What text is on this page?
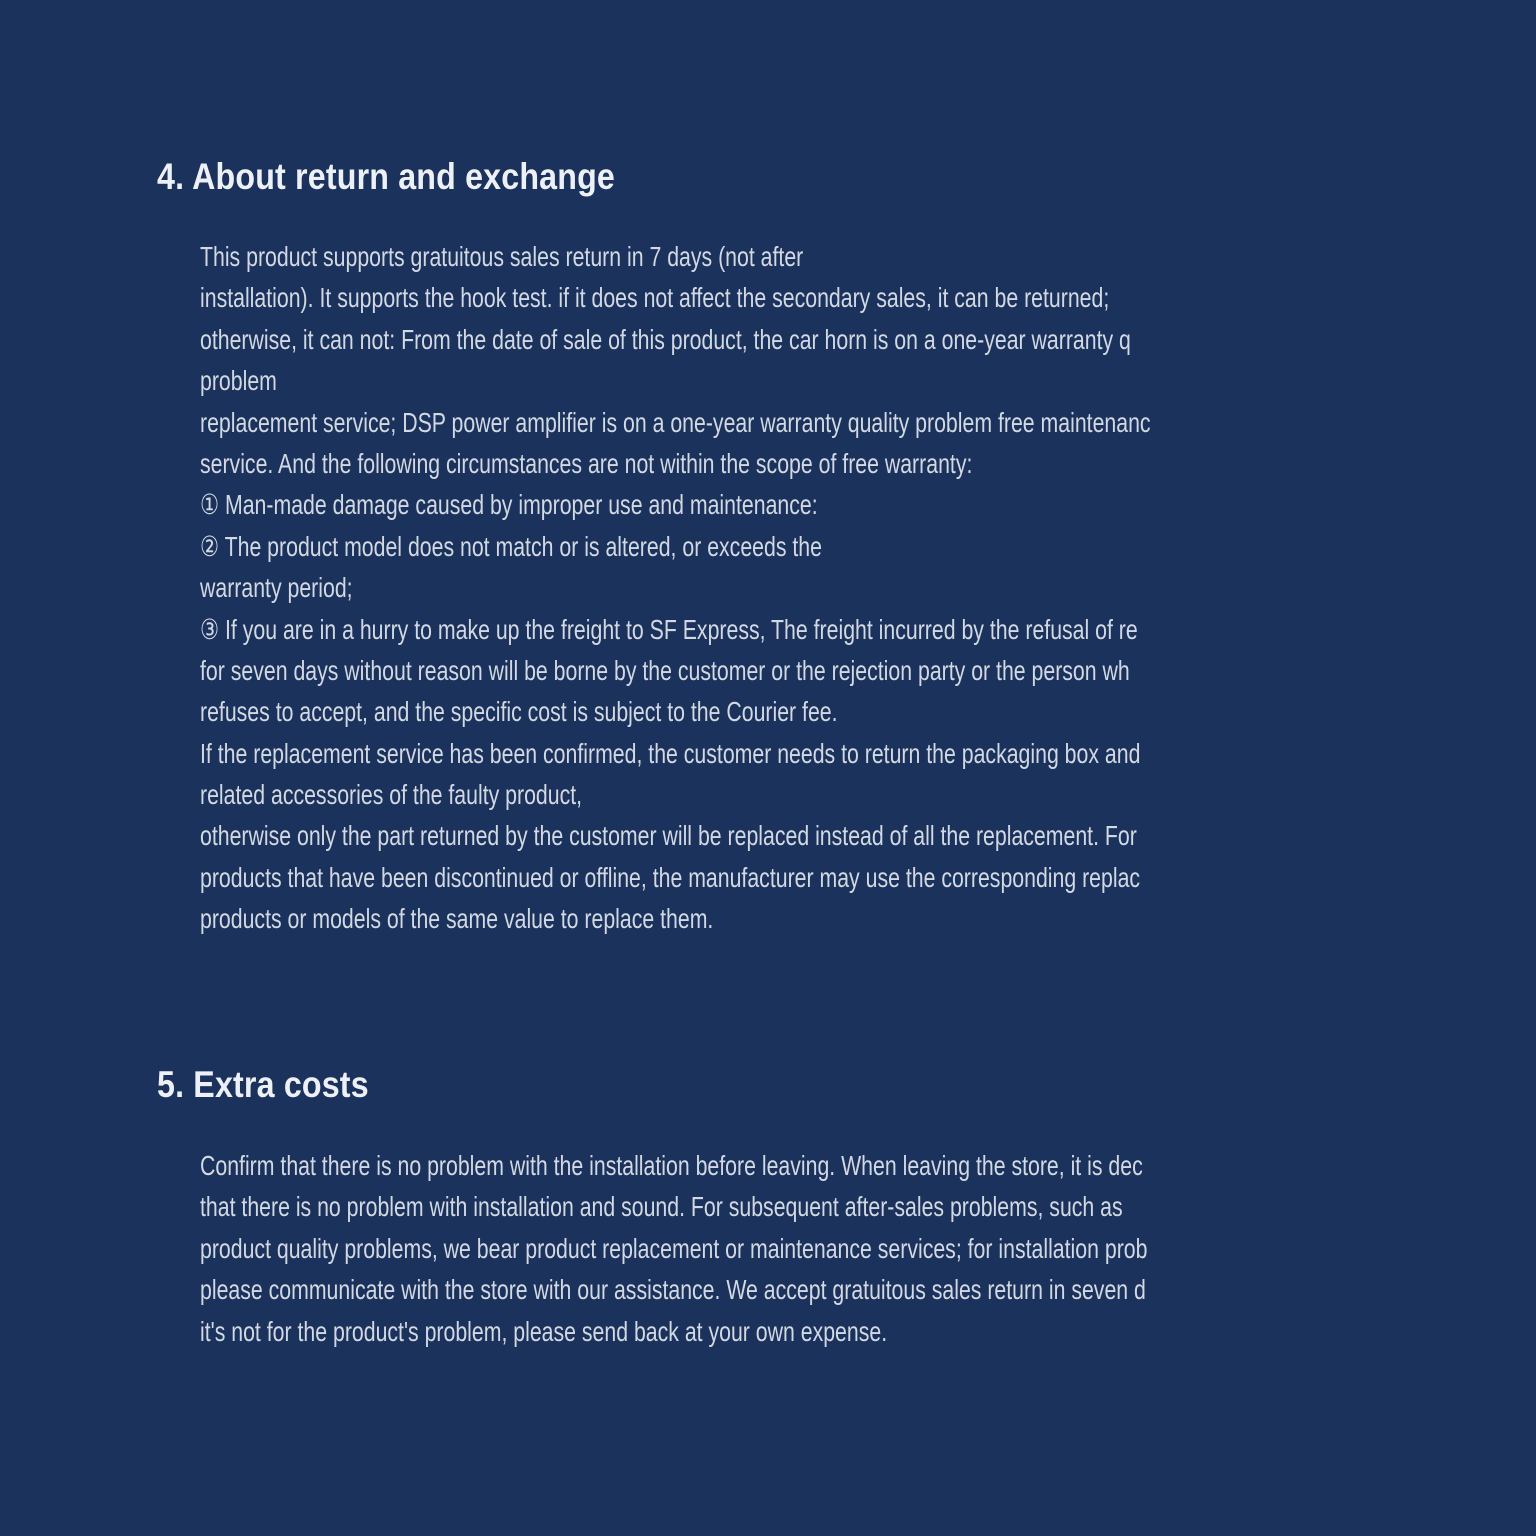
4. About return and exchange
This product supports gratuitous sales return in 7 days (not after
installation). It supports the hook test. if it does not affect the secondary sales, it can be returned;
otherwise, it can not: From the date of sale of this product, the car horn is on a one-year warranty q
problem
replacement service; DSP power amplifier is on a one-year warranty quality problem free maintenanc
service. And the following circumstances are not within the scope of free warranty:
① Man-made damage caused by improper use and maintenance:
② The product model does not match or is altered, or exceeds the
warranty period;
③ If you are in a hurry to make up the freight to SF Express, The freight incurred by the refusal of re
for seven days without reason will be borne by the customer or the rejection party or the person wh
refuses to accept, and the specific cost is subject to the Courier fee.
If the replacement service has been confirmed, the customer needs to return the packaging box and
related accessories of the faulty product,
otherwise only the part returned by the customer will be replaced instead of all the replacement. For
products that have been discontinued or offline, the manufacturer may use the corresponding replac
products or models of the same value to replace them.
5. Extra costs
Confirm that there is no problem with the installation before leaving. When leaving the store, it is dec
that there is no problem with installation and sound. For subsequent after-sales problems, such as
product quality problems, we bear product replacement or maintenance services; for installation prob
please communicate with the store with our assistance. We accept gratuitous sales return in seven d
it's not for the product's problem, please send back at your own expense.
